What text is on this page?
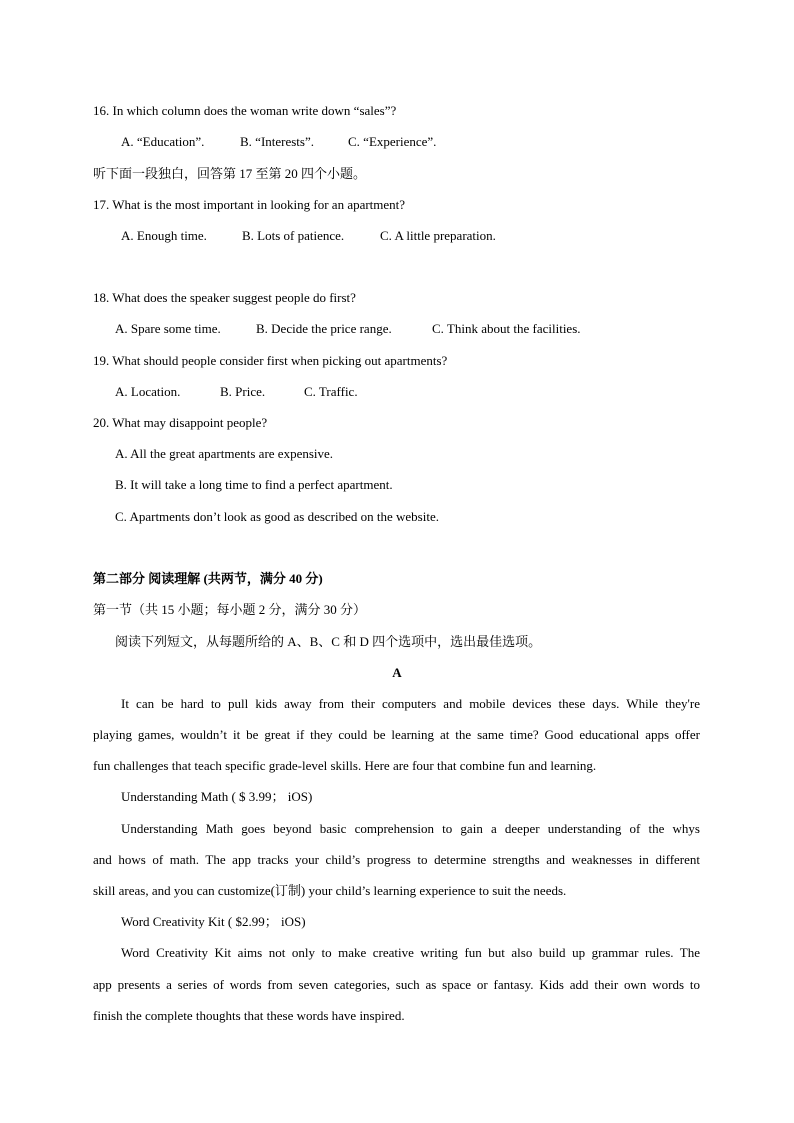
16. In which column does the woman write down “sales”?
A. “Education”.	B. “Interests”.	C. “Experience”.
听下面一段独白，回答第 17 至第 20 四个小题。
17. What is the most important in looking for an apartment?
A. Enough time.	B. Lots of patience.	C. A little preparation.
18. What does the speaker suggest people do first?
A. Spare some time.	B. Decide the price range.	C. Think about the facilities.
19. What should people consider first when picking out apartments?
A. Location.	B. Price.	C. Traffic.
20. What may disappoint people?
A. All the great apartments are expensive.
B. It will take a long time to find a perfect apartment.
C. Apartments don’t look as good as described on the website.
第二部分 阅读理解 (共两节，满分 40 分)
第一节（共 15 小题；每小题 2 分，满分 30 分）
阅读下列短文，从每题所给的 A、B、C 和 D 四个选项中，选出最佳选项。
A
It can be hard to pull kids away from their computers and mobile devices these days. While they're
playing games, wouldn’t it be great if they could be learning at the same time? Good educational apps offer
fun challenges that teach specific grade-level skills. Here are four that combine fun and learning.
Understanding Math ( $ 3.99； iOS)
Understanding Math goes beyond basic comprehension to gain a deeper understanding of the whys
and hows of math. The app tracks your child’s progress to determine strengths and weaknesses in different
skill areas, and you can customize(订制) your child’s learning experience to suit the needs.
Word Creativity Kit ( $2.99； iOS)
Word Creativity Kit aims not only to make creative writing fun but also build up grammar rules. The
app presents a series of words from seven categories, such as space or fantasy. Kids add their own words to
finish the complete thoughts that these words have inspired.
